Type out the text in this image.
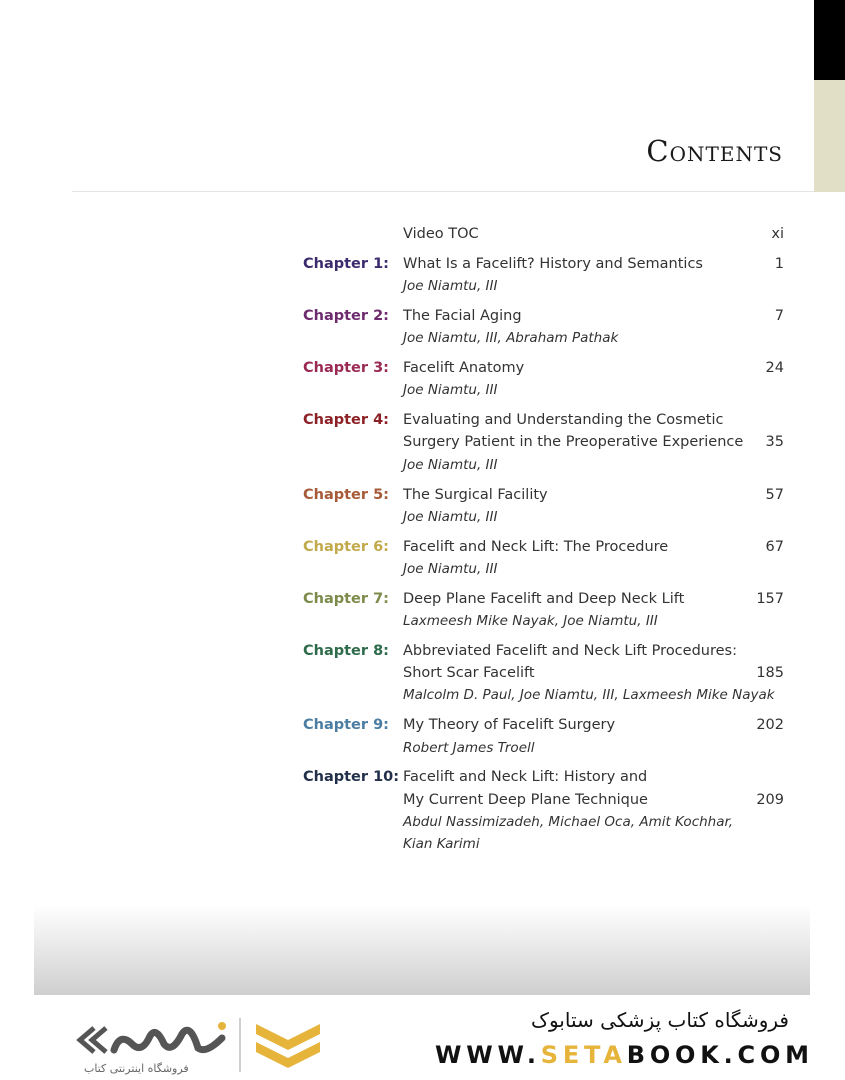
Contents
Video TOC	xi
Chapter 1: What Is a Facelift? History and Semantics	1
Joe Niamtu, III
Chapter 2: The Facial Aging	7
Joe Niamtu, III, Abraham Pathak
Chapter 3: Facelift Anatomy	24
Joe Niamtu, III
Chapter 4: Evaluating and Understanding the Cosmetic
Surgery Patient in the Preoperative Experience 35
Joe Niamtu, III
Chapter 5: The Surgical Facility	57
Joe Niamtu, III
Chapter 6: Facelift and Neck Lift: The Procedure	67
Joe Niamtu, III
Chapter 7: Deep Plane Facelift and Deep Neck Lift	157
Laxmeesh Mike Nayak, Joe Niamtu, III
Chapter 8: Abbreviated Facelift and Neck Lift Procedures:
Short Scar Facelift	185
Malcolm D. Paul, Joe Niamtu, III, Laxmeesh Mike Nayak
Chapter 9: My Theory of Facelift Surgery	202
Robert James Troell
Chapter 10: Facelift and Neck Lift: History and
My Current Deep Plane Technique	209
Abdul Nassimizadeh, Michael Oca, Amit Kochhar,
Kian Karimi
فروشگاه اینترنتی کتاب
فروشگاه کتاب پزشکی ستابوک
WWW.SETABOOK.COM
